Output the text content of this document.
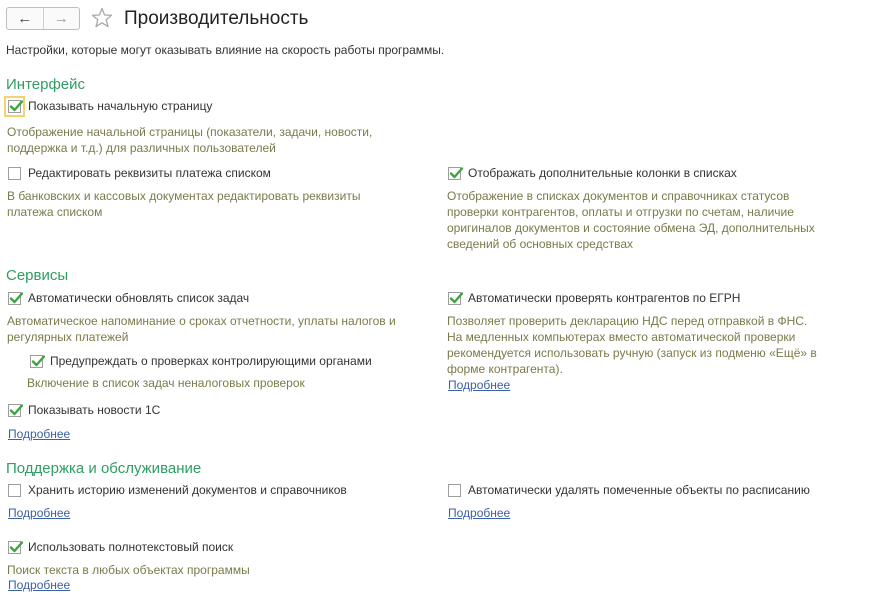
← →	Производительность
Настройки, которые могут оказывать влияние на скорость работы программы.
Интерфейс
Показывать начальную страницу
Отображение начальной страницы (показатели, задачи, новости,
поддержка и т.д.) для различных пользователей
Редактировать реквизиты платежа списком
В банковских и кассовых документах редактировать реквизиты
платежа списком
Отображать дополнительные колонки в списках
Отображение в списках документов и справочниках статусов
проверки контрагентов, оплаты и отгрузки по счетам, наличие
оригиналов документов и состояние обмена ЭД, дополнительных
сведений об основных средствах
Сервисы
Автоматически обновлять список задач
Автоматическое напоминание о сроках отчетности, уплаты налогов и
регулярных платежей
Предупреждать о проверках контролирующими органами
Включение в список задач неналоговых проверок
Показывать новости 1С
Подробнее
Автоматически проверять контрагентов по ЕГРН
Позволяет проверить декларацию НДС перед отправкой в ФНС.
На медленных компьютерах вместо автоматической проверки
рекомендуется использовать ручную (запуск из подменю «Ещё» в
форме контрагента).
Подробнее
Поддержка и обслуживание
Хранить историю изменений документов и справочников
Подробнее
Автоматически удалять помеченные объекты по расписанию
Подробнее
Использовать полнотекстовый поиск
Поиск текста в любых объектах программы
Подробнее
